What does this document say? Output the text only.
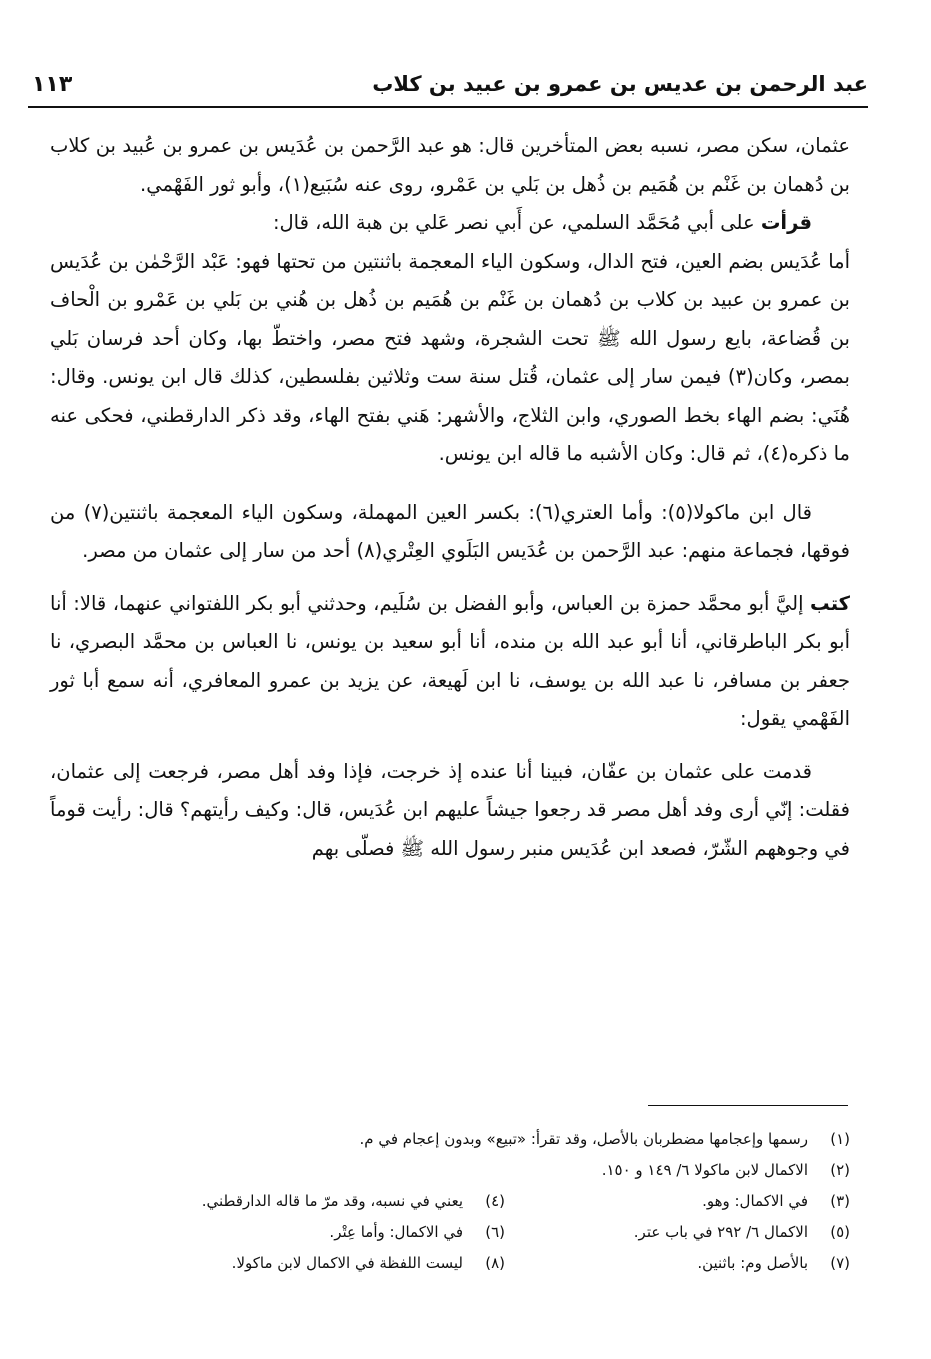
عبد الرحمن بن عديس بن عمرو بن عبيد بن كلاب
١١٣

عثمان، سكن مصر، نسبه بعض المتأخرين قال: هو عبد الرَّحمن بن عُدَيس بن عمرو بن عُبيد بن كلاب بن دُهمان بن غَنْم بن هُمَيم بن ذُهل بن بَلي بن عَمْرو، روى عنه سُبَيع(١)، وأبو ثور الفَهْمي.

قرأت على أبي مُحَمَّد السلمي، عن أَبي نصر عَلي بن هبة الله، قال:

أما عُدَيس بضم العين، فتح الدال، وسكون الياء المعجمة باثنتين من تحتها فهو: عَبْد الرَّحْمٰن بن عُدَيس بن عمرو بن عبيد بن كلاب بن دُهمان بن غَنْم بن هُمَيم بن ذُهل بن هُني بن بَلي بن عَمْرو بن الْحاف بن قُضاعة، بايع رسول الله ﷺ تحت الشجرة، وشهد فتح مصر، واختطّ بها، وكان أحد فرسان بَلي بمصر، وكان(٣) فيمن سار إلى عثمان، قُتل سنة ست وثلاثين بفلسطين، كذلك قال ابن يونس. وقال: هُنَي: بضم الهاء بخط الصوري، وابن الثلاج، والأشهر: هَني بفتح الهاء، وقد ذكر الدارقطني، فحكى عنه ما ذكره(٤)، ثم قال: وكان الأشبه ما قاله ابن يونس.

قال ابن ماكولا(٥): وأما العتري(٦): بكسر العين المهملة، وسكون الياء المعجمة باثنتين(٧) من فوقها، فجماعة منهم: عبد الرَّحمن بن عُدَيس البَلَوي العِتْري(٨) أحد من سار إلى عثمان من مصر.

كتب إليَّ أبو محمَّد حمزة بن العباس، وأبو الفضل بن سُلَيم، وحدثني أبو بكر اللفتواني عنهما، قالا: أنا أبو بكر الباطرقاني، أنا أبو عبد الله بن منده، أنا أبو سعيد بن يونس، نا العباس بن محمَّد البصري، نا جعفر بن مسافر، نا عبد الله بن يوسف، نا ابن لَهيعة، عن يزيد بن عمرو المعافري، أنه سمع أبا ثور الفَهْمي يقول:

قدمت على عثمان بن عفّان، فبينا أنا عنده إذ خرجت، فإذا وفد أهل مصر، فرجعت إلى عثمان، فقلت: إنّي أرى وفد أهل مصر قد رجعوا جيشاً عليهم ابن عُدَيس، قال: وكيف رأيتهم؟ قال: رأيت قوماً في وجوههم الشّرّ، فصعد ابن عُدَيس منبر رسول الله ﷺ فصلّى بهم

(١)
رسمها وإعجامها مضطربان بالأصل، وقد تقرأ: «تبيع» وبدون إعجام في م.
(٢)
الاكمال لابن ماكولا ٦/ ١٤٩ و ١٥٠.
(٣)
في الاكمال: وهو.
(٤)
يعني في نسبه، وقد مرّ ما قاله الدارقطني.
(٥)
الاكمال ٦/ ٢٩٢ في باب عتر.
(٦)
في الاكمال: وأما عِتْر.
(٧)
بالأصل وم: باثنين.
(٨)
ليست اللفظة في الاكمال لابن ماكولا.
